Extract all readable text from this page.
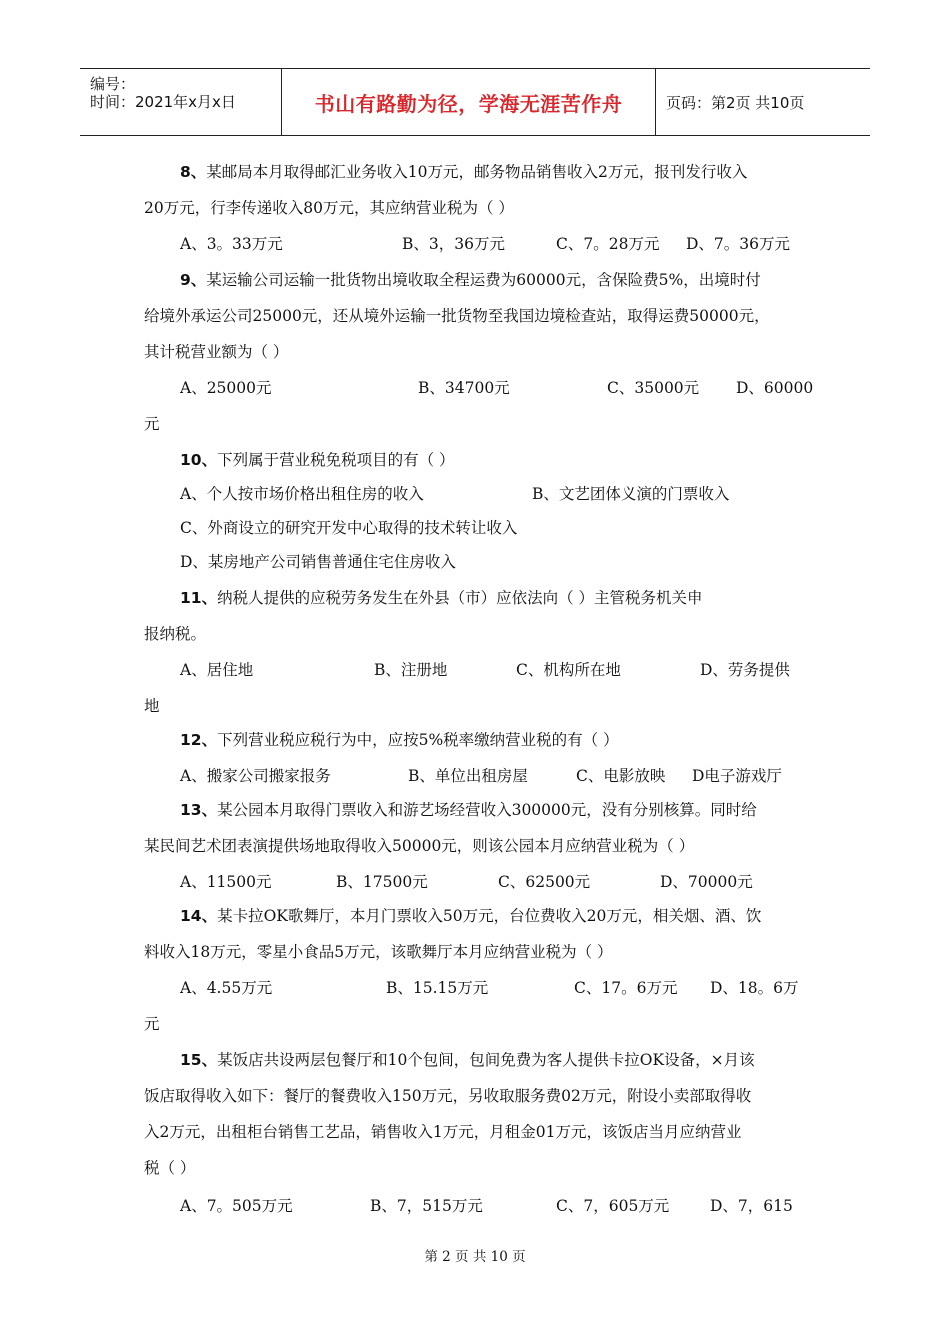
编号：
时间：2021年x月x日	书山有路勤为径，学海无涯苦作舟	页码：第2页 共10页
8、某邮局本月取得邮汇业务收入10万元，邮务物品销售收入2万元，报刊发行收入
20万元，行李传递收入80万元，其应纳营业税为（ ）
A、3。33万元	B、3，36万元	C、7。28万元 D、7。36万元
9、某运输公司运输一批货物出境收取全程运费为60000元，含保险费5%，出境时付
给境外承运公司25000元，还从境外运输一批货物至我国边境检查站，取得运费50000元，
其计税营业额为（ ）
A、25000元	B、34700元	C、35000元 D、60000
元
10、下列属于营业税免税项目的有（ ）
A、个人按市场价格出租住房的收入	B、文艺团体义演的门票收入
C、外商设立的研究开发中心取得的技术转让收入
D、某房地产公司销售普通住宅住房收入
11、纳税人提供的应税劳务发生在外县（市）应依法向（ ）主管税务机关申
报纳税。
A、居住地	B、注册地	C、机构所在地	D、劳务提供
地
12、下列营业税应税行为中，应按5%税率缴纳营业税的有（ ）
A、搬家公司搬家报务	B、单位出租房屋	C、电影放映 D电子游戏厅
13、某公园本月取得门票收入和游艺场经营收入300000元，没有分别核算。同时给
某民间艺术团表演提供场地取得收入50000元，则该公园本月应纳营业税为（ ）
A、11500元	B、17500元	C、62500元	D、70000元
14、某卡拉OK歌舞厅，本月门票收入50万元，台位费收入20万元，相关烟、酒、饮
料收入18万元，零星小食品5万元，该歌舞厅本月应纳营业税为（ ）
A、4.55万元	B、15.15万元	C、17。6万元 D、18。6万
元
15、某饭店共设两层包餐厅和10个包间，包间免费为客人提供卡拉OK设备，×月该
饭店取得收入如下：餐厅的餐费收入150万元，另收取服务费02万元，附设小卖部取得收
入2万元，出租柜台销售工艺品，销售收入1万元，月租金01万元，该饭店当月应纳营业
税（ ）
A、7。505万元	B、7，515万元	C、7，605万元	D、7，615
第 2 页 共 10 页
